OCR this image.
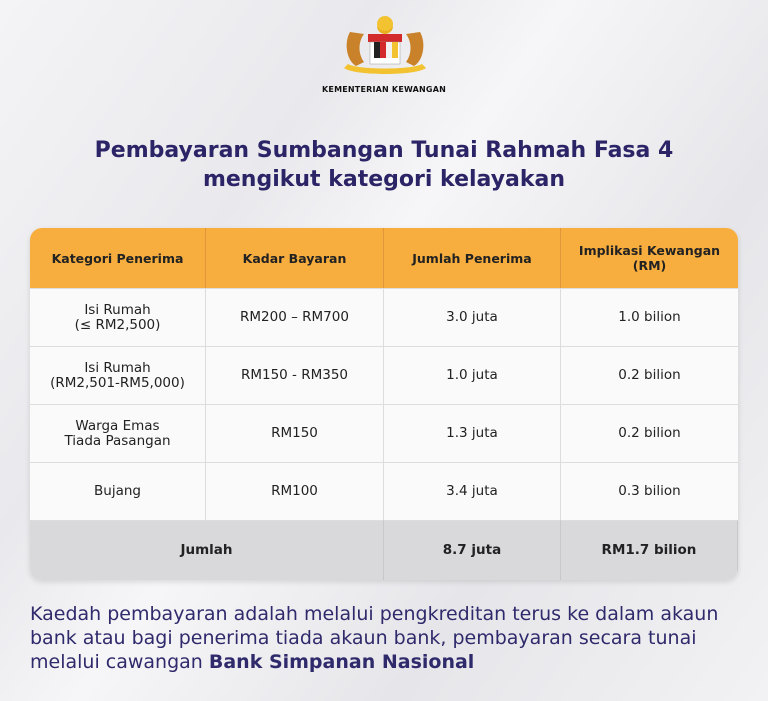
KEMENTERIAN KEWANGAN
Pembayaran Sumbangan Tunai Rahmah Fasa 4
mengikut kategori kelayakan
Kategori Penerima	Kadar Bayaran	Jumlah Penerima	Implikasi Kewangan (RM)

Isi Rumah
(≤ RM2,500)	RM200 – RM700	3.0 juta	1.0 bilion

Isi Rumah
(RM2,501-RM5,000)	RM150 - RM350	1.0 juta	0.2 bilion

Warga Emas
Tiada Pasangan	RM150	1.3 juta	0.2 bilion

Bujang	RM100	3.4 juta	0.3 bilion
Jumlah		8.7 juta	RM1.7 bilion
Kaedah pembayaran adalah melalui pengkreditan terus ke dalam akaun bank atau bagi penerima tiada akaun bank, pembayaran secara tunai melalui cawangan Bank Simpanan Nasional
